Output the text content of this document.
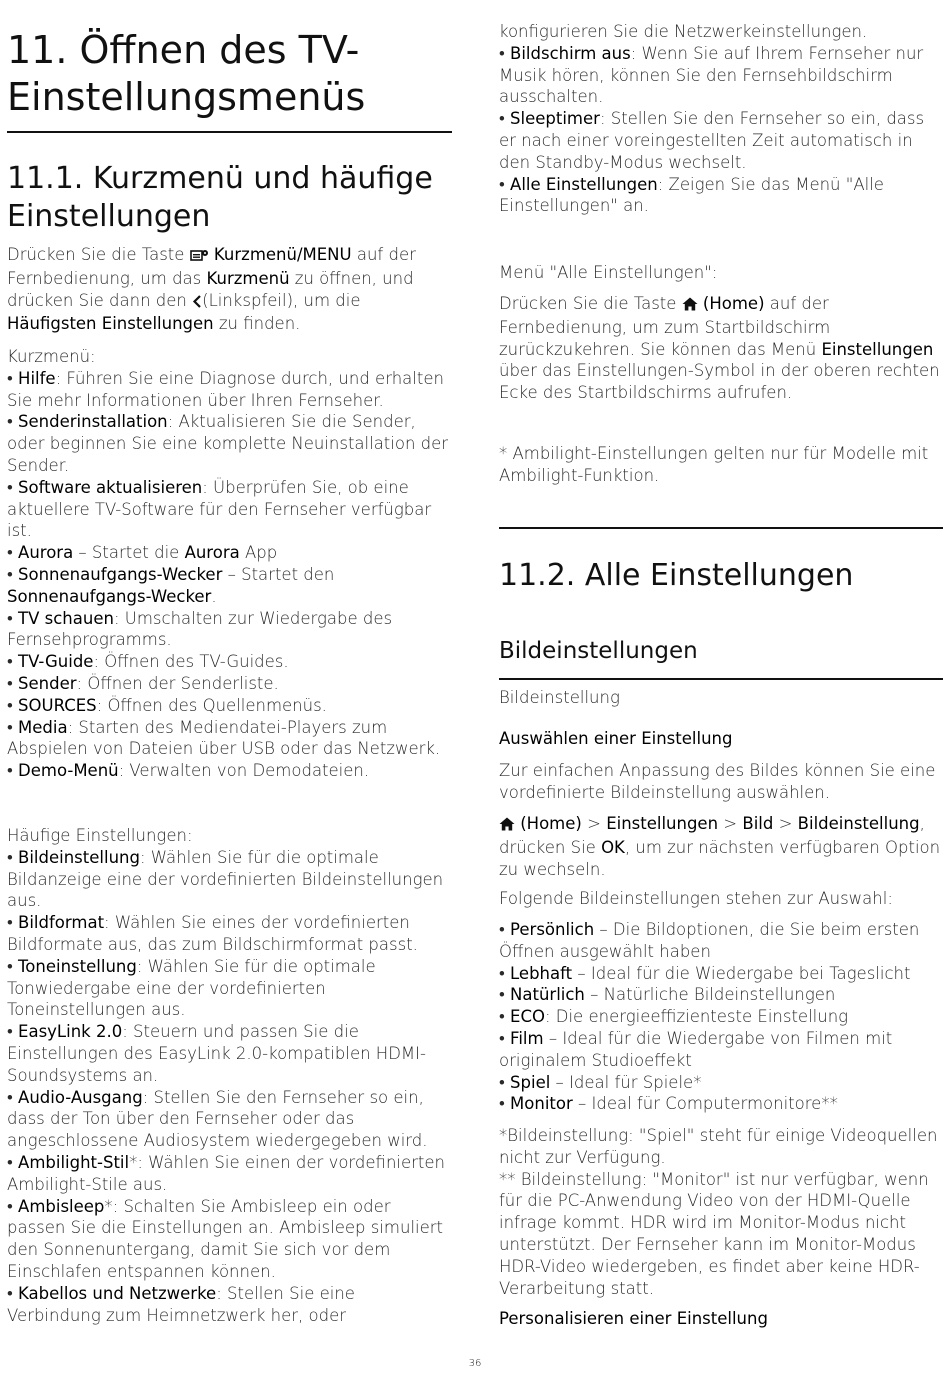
11. Öffnen des TV-
Einstellungsmenüs
11.1. Kurzmenü und häufige
Einstellungen

Drücken Sie die Taste  Kurzmenü/MENU auf der Fernbedienung, um das Kurzmenü zu öffnen, und drücken Sie dann den (Linkspfeil), um die Häufigsten Einstellungen zu finden.

Kurzmenü:

• Hilfe: Führen Sie eine Diagnose durch, und erhalten Sie mehr Informationen über Ihren Fernseher.

• Senderinstallation: Aktualisieren Sie die Sender, oder beginnen Sie eine komplette Neuinstallation der Sender.

• Software aktualisieren: Überprüfen Sie, ob eine aktuellere TV-Software für den Fernseher verfügbar ist.

• Aurora – Startet die Aurora App

• Sonnenaufgangs-Wecker – Startet den Sonnenaufgangs-Wecker.

• TV schauen: Umschalten zur Wiedergabe des Fernsehprogramms.

• TV-Guide: Öffnen des TV-Guides.

• Sender: Öffnen der Senderliste.

• SOURCES: Öffnen des Quellenmenüs.

• Media: Starten des Mediendatei-Players zum Abspielen von Dateien über USB oder das Netzwerk.

• Demo-Menü: Verwalten von Demodateien.

Häufige Einstellungen:

• Bildeinstellung: Wählen Sie für die optimale Bildanzeige eine der vordefinierten Bildeinstellungen aus.

• Bildformat: Wählen Sie eines der vordefinierten Bildformate aus, das zum Bildschirmformat passt.

• Toneinstellung: Wählen Sie für die optimale Tonwiedergabe eine der vordefinierten Toneinstellungen aus.

• EasyLink 2.0: Steuern und passen Sie die Einstellungen des EasyLink 2.0-kompatiblen HDMI-Soundsystems an.

• Audio-Ausgang: Stellen Sie den Fernseher so ein, dass der Ton über den Fernseher oder das angeschlossene Audiosystem wiedergegeben wird.

• Ambilight-Stil*: Wählen Sie einen der vordefinierten Ambilight-Stile aus.

• Ambisleep*: Schalten Sie Ambisleep ein oder passen Sie die Einstellungen an. Ambisleep simuliert den Sonnenuntergang, damit Sie sich vor dem Einschlafen entspannen können.

• Kabellos und Netzwerke: Stellen Sie eine Verbindung zum Heimnetzwerk her, oder

konfigurieren Sie die Netzwerkeinstellungen.

• Bildschirm aus: Wenn Sie auf Ihrem Fernseher nur Musik hören, können Sie den Fernsehbildschirm ausschalten.

• Sleeptimer: Stellen Sie den Fernseher so ein, dass er nach einer voreingestellten Zeit automatisch in den Standby-Modus wechselt.

• Alle Einstellungen: Zeigen Sie das Menü "Alle Einstellungen" an.

Menü "Alle Einstellungen":

Drücken Sie die Taste  (Home) auf der Fernbedienung, um zum Startbildschirm zurückzukehren. Sie können das Menü Einstellungen über das Einstellungen-Symbol in der oberen rechten Ecke des Startbildschirms aufrufen.

* Ambilight-Einstellungen gelten nur für Modelle mit Ambilight-Funktion.

11.2. Alle Einstellungen
Bildeinstellungen

Bildeinstellung

Auswählen einer Einstellung

Zur einfachen Anpassung des Bildes können Sie eine vordefinierte Bildeinstellung auswählen.

(Home) > Einstellungen > Bild > Bildeinstellung, drücken Sie OK, um zur nächsten verfügbaren Option zu wechseln.

Folgende Bildeinstellungen stehen zur Auswahl:

• Persönlich – Die Bildoptionen, die Sie beim ersten Öffnen ausgewählt haben

• Lebhaft – Ideal für die Wiedergabe bei Tageslicht

• Natürlich – Natürliche Bildeinstellungen

• ECO: Die energieeffizienteste Einstellung

• Film – Ideal für die Wiedergabe von Filmen mit originalem Studioeffekt

• Spiel – Ideal für Spiele*

• Monitor – Ideal für Computermonitore**

*Bildeinstellung: "Spiel" steht für einige Videoquellen nicht zur Verfügung.

** Bildeinstellung: "Monitor" ist nur verfügbar, wenn für die PC-Anwendung Video von der HDMI-Quelle infrage kommt. HDR wird im Monitor-Modus nicht unterstützt. Der Fernseher kann im Monitor-Modus HDR-Video wiedergeben, es findet aber keine HDR-Verarbeitung statt.

Personalisieren einer Einstellung

36
